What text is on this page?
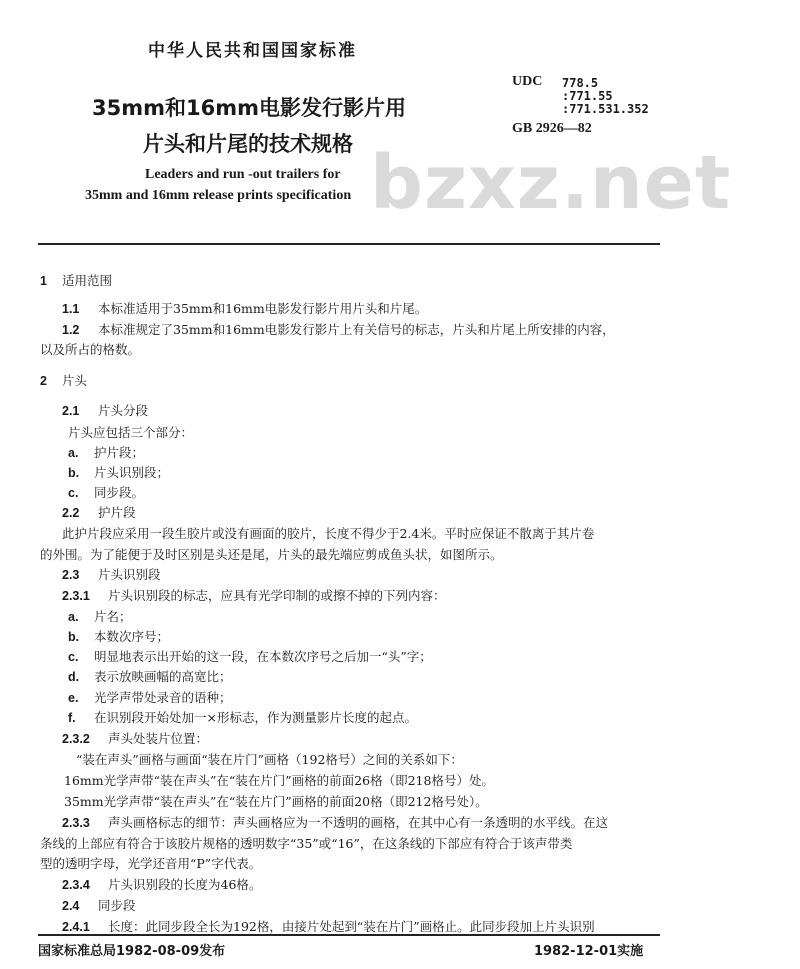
中华人民共和国国家标准
35mm和16mm电影发行影片用
片头和片尾的技术规格
Leaders and run -out trailers for
35mm and 16mm release prints specification
UDC 778.5
:771.55
:771.531.352
GB 2926—82
bzxz.net
1 适用范围
1.1 本标准适用于35mm和16mm电影发行影片用片头和片尾。
1.2 本标准规定了35mm和16mm电影发行影片上有关信号的标志，片头和片尾上所安排的内容，
以及所占的格数。
2 片头
2.1 片头分段
片头应包括三个部分：
a. 护片段；
b. 片头识别段；
c. 同步段。
2.2 护片段
此护片段应采用一段生胶片或没有画面的胶片，长度不得少于2.4米。平时应保证不散离于其片卷
的外围。为了能便于及时区别是头还是尾，片头的最先端应剪成鱼头状，如图所示。
2.3 片头识别段
2.3.1 片头识别段的标志，应具有光学印制的或擦不掉的下列内容：
a. 片名；
b. 本数次序号；
c. 明显地表示出开始的这一段，在本数次序号之后加一“头”字；
d. 表示放映画幅的高宽比；
e. 光学声带处录音的语种；
f. 在识别段开始处加一×形标志，作为测量影片长度的起点。
2.3.2 声头处装片位置：
“装在声头”画格与画面“装在片门”画格（192格号）之间的关系如下：
16mm光学声带“装在声头”在“装在片门”画格的前面26格（即218格号）处。
35mm光学声带“装在声头”在“装在片门”画格的前面20格（即212格号处）。
2.3.3 声头画格标志的细节：声头画格应为一不透明的画格，在其中心有一条透明的水平线。在这
条线的上部应有符合于该胶片规格的透明数字“35”或“16”，在这条线的下部应有符合于该声带类
型的透明字母，光学还音用“P”字代表。
2.3.4 片头识别段的长度为46格。
2.4 同步段
2.4.1 长度：此同步段全长为192格，由接片处起到“装在片门”画格止。此同步段加上片头识别
国家标准总局1982-08-09发布	1982-12-01实施
